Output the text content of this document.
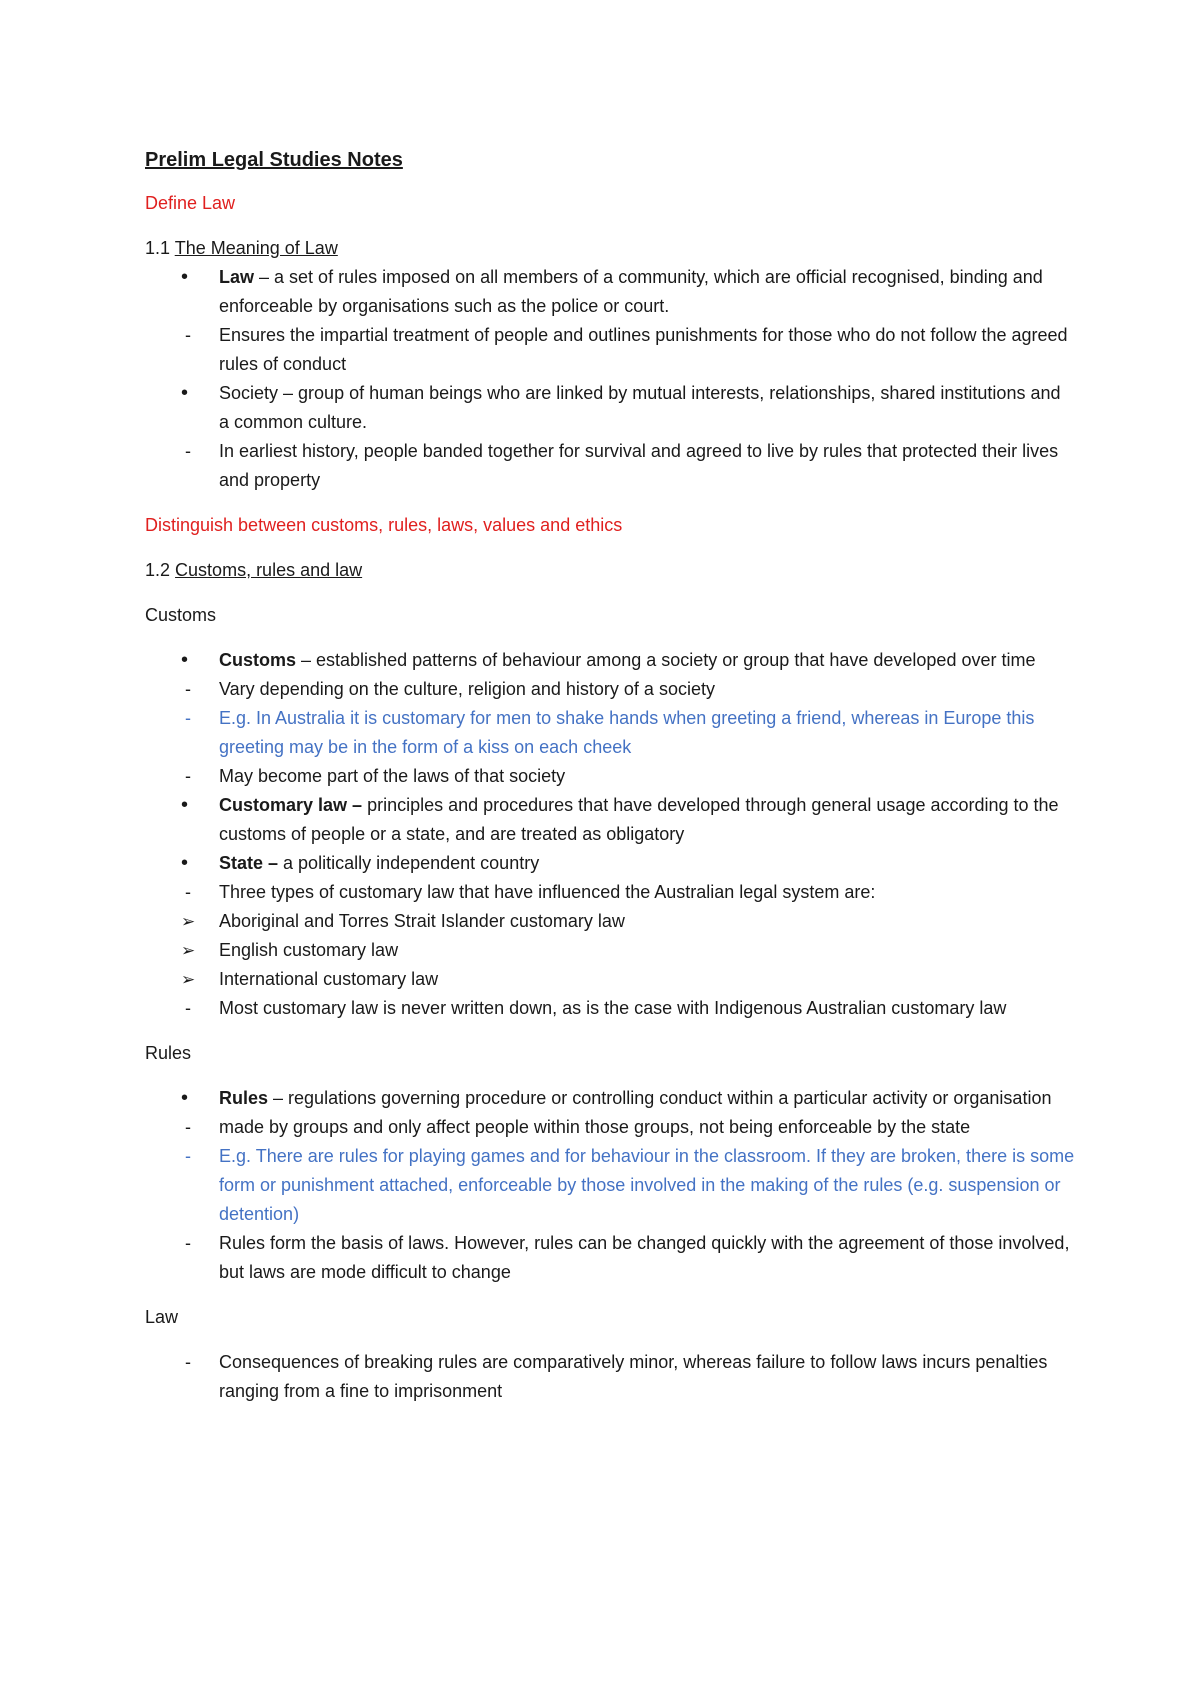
Prelim Legal Studies Notes

Define Law

1.1 The Meaning of Law

•	Law – a set of rules imposed on all members of a community, which are official recognised, binding and enforceable by organisations such as the police or court.
-	Ensures the impartial treatment of people and outlines punishments for those who do not follow the agreed rules of conduct
•	Society – group of human beings who are linked by mutual interests, relationships, shared institutions and a common culture.
-	In earliest history, people banded together for survival and agreed to live by rules that protected their lives and property

Distinguish between customs, rules, laws, values and ethics

1.2 Customs, rules and law

Customs

•	Customs – established patterns of behaviour among a society or group that have developed over time
-	Vary depending on the culture, religion and history of a society
-	E.g. In Australia it is customary for men to shake hands when greeting a friend, whereas in Europe this greeting may be in the form of a kiss on each cheek
-	May become part of the laws of that society
•	Customary law – principles and procedures that have developed through general usage according to the customs of people or a state, and are treated as obligatory
•	State – a politically independent country
-	Three types of customary law that have influenced the Australian legal system are:
➢	Aboriginal and Torres Strait Islander customary law
➢	English customary law
➢	International customary law
-	Most customary law is never written down, as is the case with Indigenous Australian customary law

Rules

•	Rules – regulations governing procedure or controlling conduct within a particular activity or organisation
-	made by groups and only affect people within those groups, not being enforceable by the state
-	E.g. There are rules for playing games and for behaviour in the classroom. If they are broken, there is some form or punishment attached, enforceable by those involved in the making of the rules (e.g. suspension or detention)
-	Rules form the basis of laws. However, rules can be changed quickly with the agreement of those involved, but laws are mode difficult to change

Law

-	Consequences of breaking rules are comparatively minor, whereas failure to follow laws incurs penalties ranging from a fine to imprisonment
